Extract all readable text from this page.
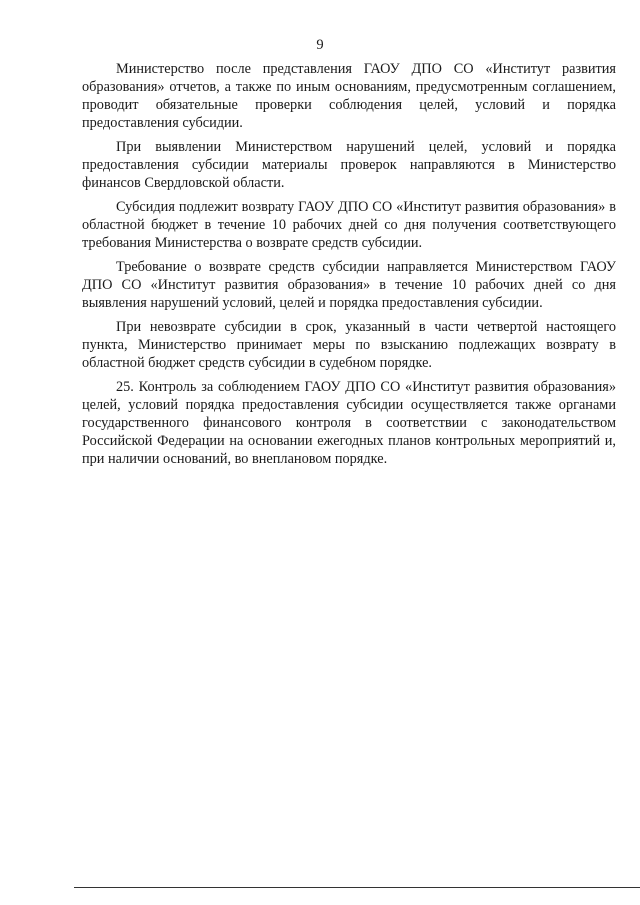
9

Министерство после представления ГАОУ ДПО СО «Институт развития образования» отчетов, а также по иным основаниям, предусмотренным соглашением, проводит обязательные проверки соблюдения целей, условий и порядка предоставления субсидии.

При выявлении Министерством нарушений целей, условий и порядка предоставления субсидии материалы проверок направляются в Министерство финансов Свердловской области.

Субсидия подлежит возврату ГАОУ ДПО СО «Институт развития образования» в областной бюджет в течение 10 рабочих дней со дня получения соответствующего требования Министерства о возврате средств субсидии.

Требование о возврате средств субсидии направляется Министерством ГАОУ ДПО СО «Институт развития образования» в течение 10 рабочих дней со дня выявления нарушений условий, целей и порядка предоставления субсидии.

При невозврате субсидии в срок, указанный в части четвертой настоящего пункта, Министерство принимает меры по взысканию подлежащих возврату в областной бюджет средств субсидии в судебном порядке.

25. Контроль за соблюдением ГАОУ ДПО СО «Институт развития образования» целей, условий порядка предоставления субсидии осуществляется также органами государственного финансового контроля в соответствии с законодательством Российской Федерации на основании ежегодных планов контрольных мероприятий и, при наличии оснований, во внеплановом порядке.
